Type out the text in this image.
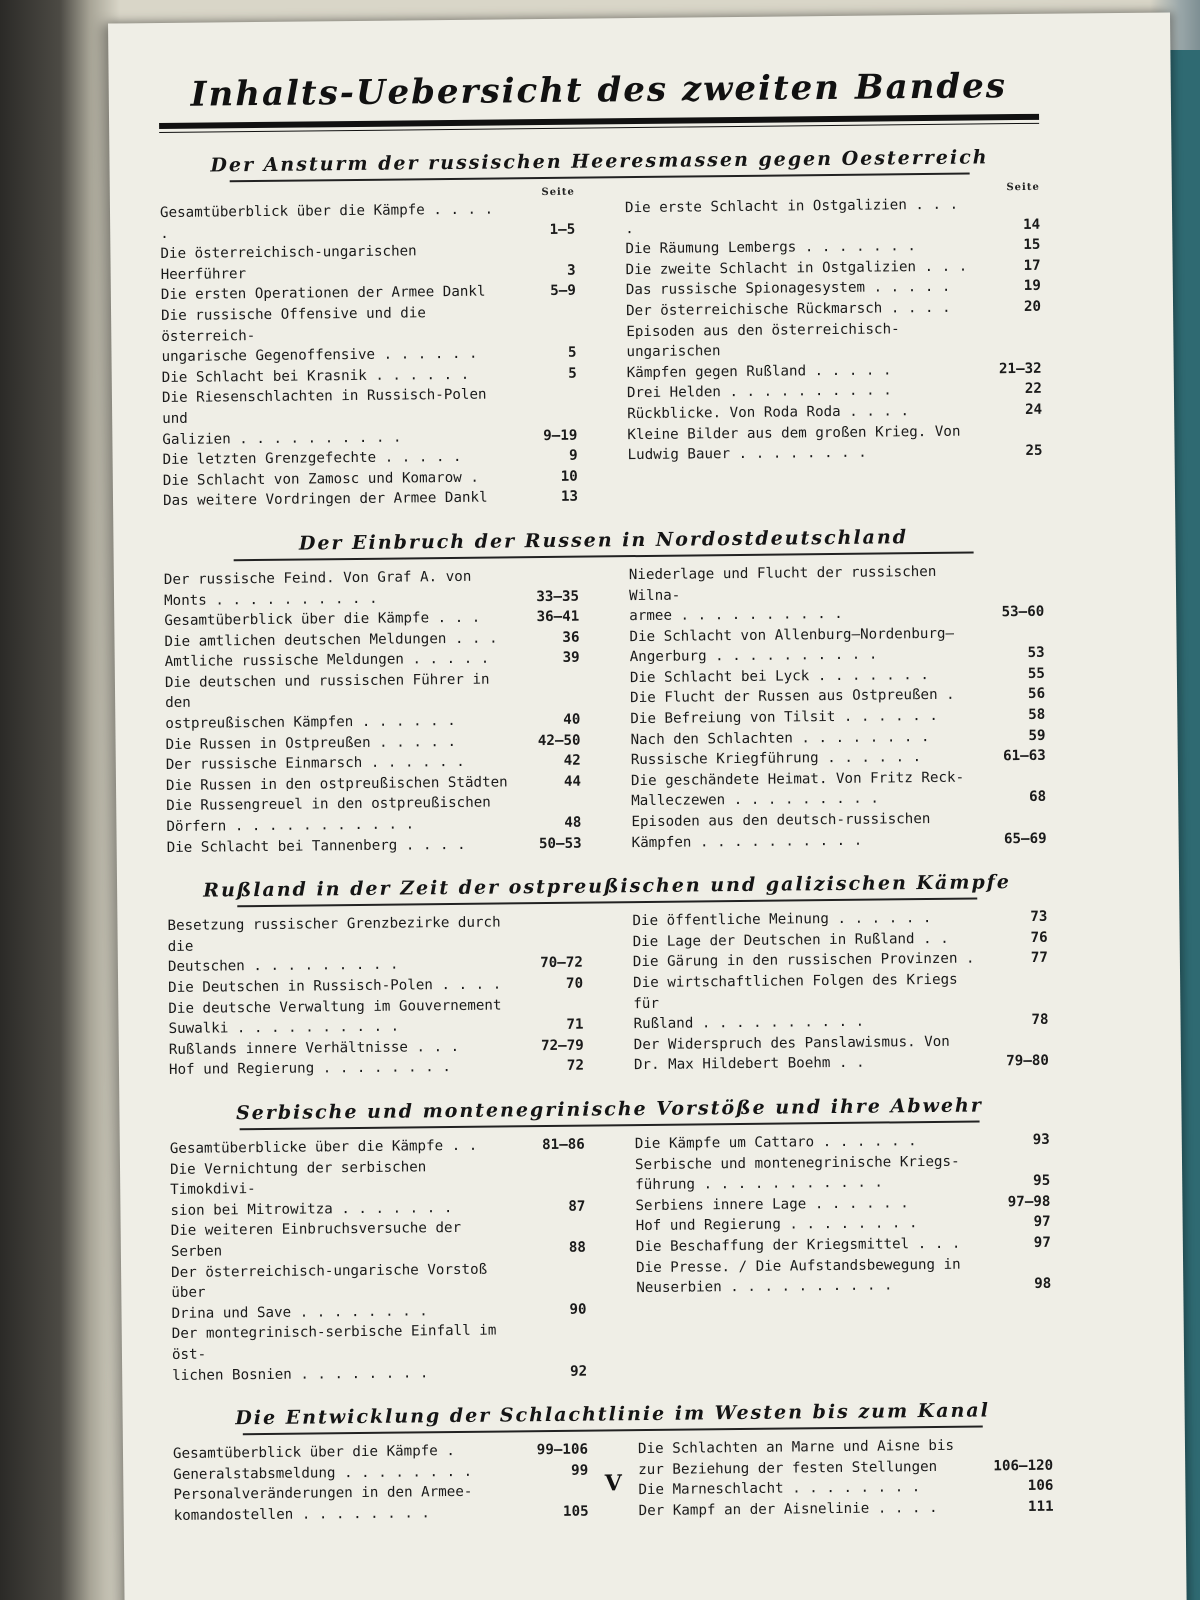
Inhalts-Uebersicht des zweiten Bandes
Der Ansturm der russischen Heeresmassen gegen Oesterreich
Seite
Gesamtüberblick über die Kämpfe . . . . .	1—5
Die österreichisch-ungarischen Heerführer	3
Die ersten Operationen der Armee Dankl	5—9
Die russische Offensive und die österreich-
ungarische Gegenoffensive . . . . . .	5
Die Schlacht bei Krasnik . . . . . .	5
Die Riesenschlachten in Russisch-Polen und
Galizien . . . . . . . . . .	9—19
Die letzten Grenzgefechte . . . . .	9
Die Schlacht von Zamosc und Komarow .	10
Das weitere Vordringen der Armee Dankl	13
Seite
Die erste Schlacht in Ostgalizien . . . .	14
Die Räumung Lembergs . . . . . . .	15
Die zweite Schlacht in Ostgalizien . . .	17
Das russische Spionagesystem . . . . .	19
Der österreichische Rückmarsch . . . .	20
Episoden aus den österreichisch-ungarischen
Kämpfen gegen Rußland . . . . .	21—32
Drei Helden . . . . . . . . . .	22
Rückblicke. Von Roda Roda . . . .	24
Kleine Bilder aus dem großen Krieg. Von
Ludwig Bauer . . . . . . . .	25
Der Einbruch der Russen in Nordostdeutschland
Der russische Feind. Von Graf A. von
Monts . . . . . . . . . .	33—35
Gesamtüberblick über die Kämpfe . . .	36—41
Die amtlichen deutschen Meldungen . . .	36
Amtliche russische Meldungen . . . . .	39
Die deutschen und russischen Führer in den
ostpreußischen Kämpfen . . . . . .	40
Die Russen in Ostpreußen . . . . .	42—50
Der russische Einmarsch . . . . . .	42
Die Russen in den ostpreußischen Städten	44
Die Russengreuel in den ostpreußischen
Dörfern . . . . . . . . . . .	48
Die Schlacht bei Tannenberg . . . .	50—53
Niederlage und Flucht der russischen Wilna-
armee . . . . . . . . . .	53—60
Die Schlacht von Allenburg—Nordenburg—
Angerburg . . . . . . . . . .	53
Die Schlacht bei Lyck . . . . . . .	55
Die Flucht der Russen aus Ostpreußen .	56
Die Befreiung von Tilsit . . . . . .	58
Nach den Schlachten . . . . . . . .	59
Russische Kriegführung . . . . . .	61—63
Die geschändete Heimat. Von Fritz Reck-
Malleczewen . . . . . . . . .	68
Episoden aus den deutsch-russischen
Kämpfen . . . . . . . . . .	65—69
Rußland in der Zeit der ostpreußischen und galizischen Kämpfe
Besetzung russischer Grenzbezirke durch die
Deutschen . . . . . . . . .	70—72
Die Deutschen in Russisch-Polen . . . .	70
Die deutsche Verwaltung im Gouvernement
Suwalki . . . . . . . . . .	71
Rußlands innere Verhältnisse . . .	72—79
Hof und Regierung . . . . . . . .	72
Die öffentliche Meinung . . . . . .	73
Die Lage der Deutschen in Rußland . .	76
Die Gärung in den russischen Provinzen .	77
Die wirtschaftlichen Folgen des Kriegs für
Rußland . . . . . . . . . .	78
Der Widerspruch des Panslawismus. Von
Dr. Max Hildebert Boehm . .	79—80
Serbische und montenegrinische Vorstöße und ihre Abwehr
Gesamtüberblicke über die Kämpfe . .	81—86
Die Vernichtung der serbischen Timokdivi-
sion bei Mitrowitza . . . . . . .	87
Die weiteren Einbruchsversuche der Serben	88
Der österreichisch-ungarische Vorstoß über
Drina und Save . . . . . . . .	90
Der montegrinisch-serbische Einfall im öst-
lichen Bosnien . . . . . . . .	92
Die Kämpfe um Cattaro . . . . . .	93
Serbische und montenegrinische Kriegs-
führung . . . . . . . . . . .	95
Serbiens innere Lage . . . . . .	97—98
Hof und Regierung . . . . . . . .	97
Die Beschaffung der Kriegsmittel . . .	97
Die Presse. / Die Aufstandsbewegung in
Neuserbien . . . . . . . . . .	98
Die Entwicklung der Schlachtlinie im Westen bis zum Kanal
Gesamtüberblick über die Kämpfe .	99—106
Generalstabsmeldung . . . . . . . .	99
Personalveränderungen in den Armee-
komandostellen . . . . . . . .	105
Die Schlachten an Marne und Aisne bis
zur Beziehung der festen Stellungen	106—120
Die Marneschlacht . . . . . . . .	106
Der Kampf an der Aisnelinie . . . .	111
V
